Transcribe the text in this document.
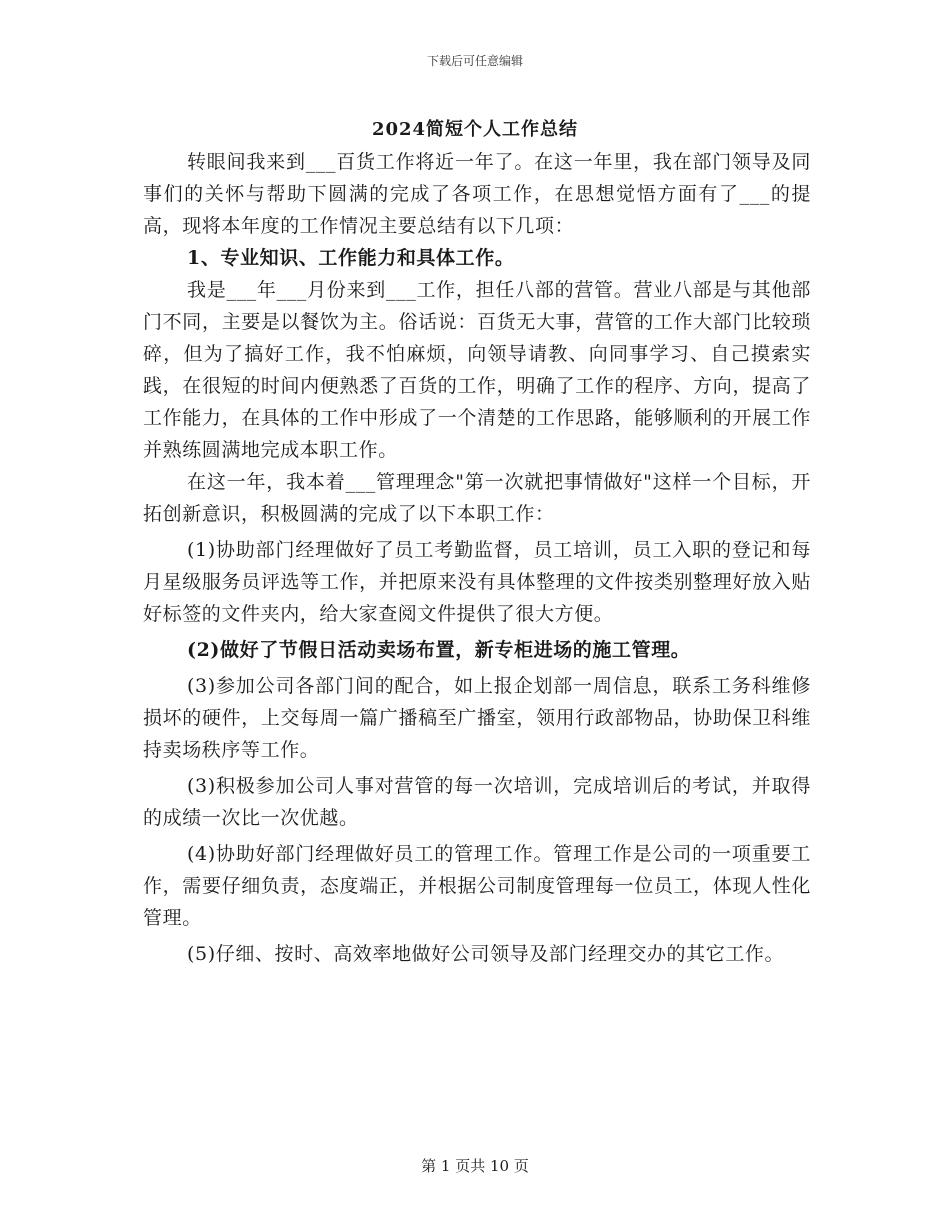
下载后可任意编辑
2024简短个人工作总结

转眼间我来到___百货工作将近一年了。在这一年里，我在部门领导及同事们的关怀与帮助下圆满的完成了各项工作，在思想觉悟方面有了___的提高，现将本年度的工作情况主要总结有以下几项：

1、专业知识、工作能力和具体工作。

我是___年___月份来到___工作，担任八部的营管。营业八部是与其他部门不同，主要是以餐饮为主。俗话说：百货无大事，营管的工作大部门比较琐碎，但为了搞好工作，我不怕麻烦，向领导请教、向同事学习、自己摸索实践，在很短的时间内便熟悉了百货的工作，明确了工作的程序、方向，提高了工作能力，在具体的工作中形成了一个清楚的工作思路，能够顺利的开展工作并熟练圆满地完成本职工作。

在这一年，我本着___管理理念"第一次就把事情做好"这样一个目标，开拓创新意识，积极圆满的完成了以下本职工作：

(1)协助部门经理做好了员工考勤监督，员工培训，员工入职的登记和每月星级服务员评选等工作，并把原来没有具体整理的文件按类别整理好放入贴好标签的文件夹内，给大家查阅文件提供了很大方便。

(2)做好了节假日活动卖场布置，新专柜进场的施工管理。

(3)参加公司各部门间的配合，如上报企划部一周信息，联系工务科维修损坏的硬件，上交每周一篇广播稿至广播室，领用行政部物品，协助保卫科维持卖场秩序等工作。

(3)积极参加公司人事对营管的每一次培训，完成培训后的考试，并取得的成绩一次比一次优越。

(4)协助好部门经理做好员工的管理工作。管理工作是公司的一项重要工作，需要仔细负责，态度端正，并根据公司制度管理每一位员工，体现人性化管理。

(5)仔细、按时、高效率地做好公司领导及部门经理交办的其它工作。

第 1 页共 10 页
